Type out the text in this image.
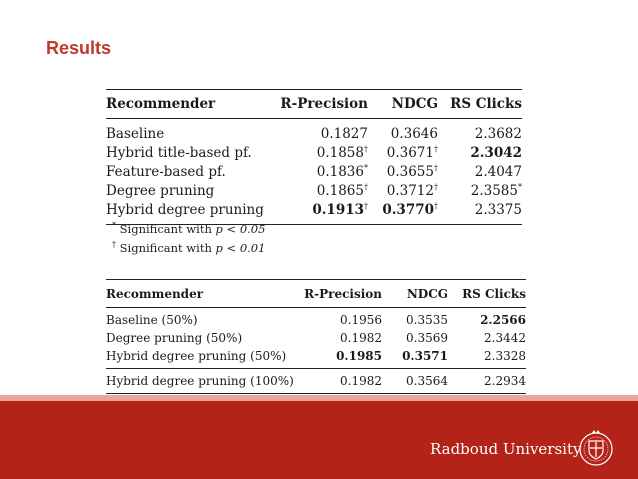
Results
Recommender	R-Precision	NDCG	RS Clicks
Baseline	0.1827	0.3646	2.3682
Hybrid title-based pf.	0.1858†	0.3671†	2.3042
Feature-based pf.	0.1836*	0.3655†	2.4047
Degree pruning	0.1865†	0.3712†	2.3585*
Hybrid degree pruning	0.1913†	0.3770†	2.3375
* Significant with p < 0.05
† Significant with p < 0.01
Recommender	R-Precision	NDCG	RS Clicks
Baseline (50%)	0.1956	0.3535	2.2566
Degree pruning (50%)	0.1982	0.3569	2.3442
Hybrid degree pruning (50%)	0.1985	0.3571	2.3328
Hybrid degree pruning (100%)	0.1982	0.3564	2.2934
Radboud University
